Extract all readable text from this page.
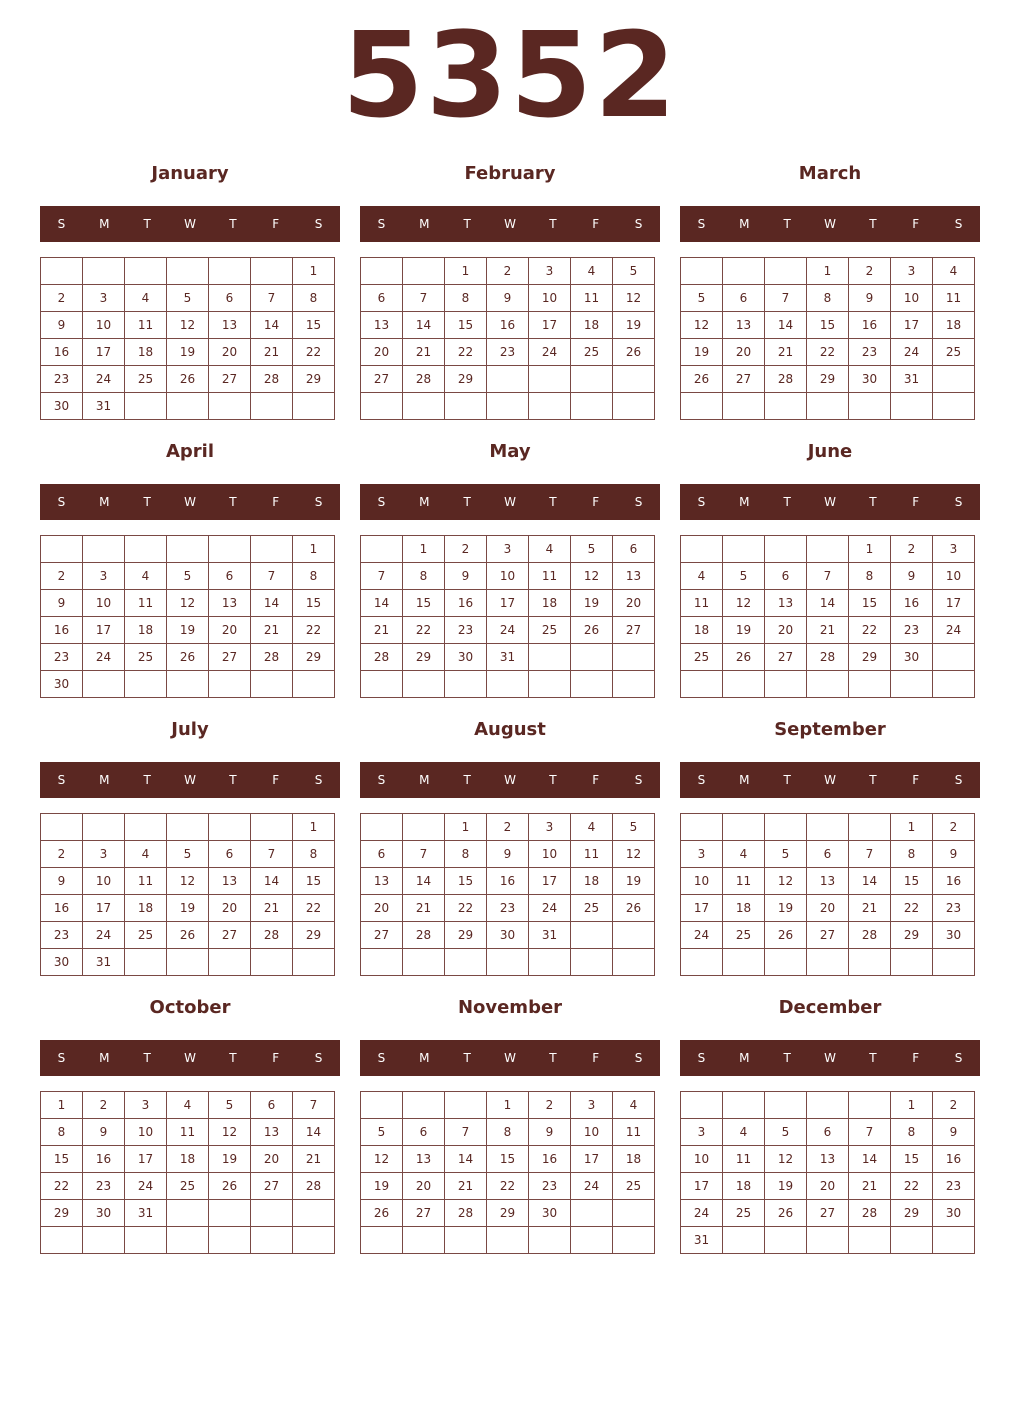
5352
January
S	M	T	W	T	F	S
						1
2	3	4	5	6	7	8
9	10	11	12	13	14	15
16	17	18	19	20	21	22
23	24	25	26	27	28	29
30	31					
February
S	M	T	W	T	F	S
		1	2	3	4	5
6	7	8	9	10	11	12
13	14	15	16	17	18	19
20	21	22	23	24	25	26
27	28	29				

March
S	M	T	W	T	F	S
			1	2	3	4
5	6	7	8	9	10	11
12	13	14	15	16	17	18
19	20	21	22	23	24	25
26	27	28	29	30	31	

April
S	M	T	W	T	F	S
						1
2	3	4	5	6	7	8
9	10	11	12	13	14	15
16	17	18	19	20	21	22
23	24	25	26	27	28	29
30						
May
S	M	T	W	T	F	S
	1	2	3	4	5	6
7	8	9	10	11	12	13
14	15	16	17	18	19	20
21	22	23	24	25	26	27
28	29	30	31			

June
S	M	T	W	T	F	S
				1	2	3
4	5	6	7	8	9	10
11	12	13	14	15	16	17
18	19	20	21	22	23	24
25	26	27	28	29	30	

July
S	M	T	W	T	F	S
						1
2	3	4	5	6	7	8
9	10	11	12	13	14	15
16	17	18	19	20	21	22
23	24	25	26	27	28	29
30	31					
August
S	M	T	W	T	F	S
		1	2	3	4	5
6	7	8	9	10	11	12
13	14	15	16	17	18	19
20	21	22	23	24	25	26
27	28	29	30	31		

September
S	M	T	W	T	F	S
					1	2
3	4	5	6	7	8	9
10	11	12	13	14	15	16
17	18	19	20	21	22	23
24	25	26	27	28	29	30

October
S	M	T	W	T	F	S
1	2	3	4	5	6	7
8	9	10	11	12	13	14
15	16	17	18	19	20	21
22	23	24	25	26	27	28
29	30	31				

November
S	M	T	W	T	F	S
			1	2	3	4
5	6	7	8	9	10	11
12	13	14	15	16	17	18
19	20	21	22	23	24	25
26	27	28	29	30		

December
S	M	T	W	T	F	S
					1	2
3	4	5	6	7	8	9
10	11	12	13	14	15	16
17	18	19	20	21	22	23
24	25	26	27	28	29	30
31						
